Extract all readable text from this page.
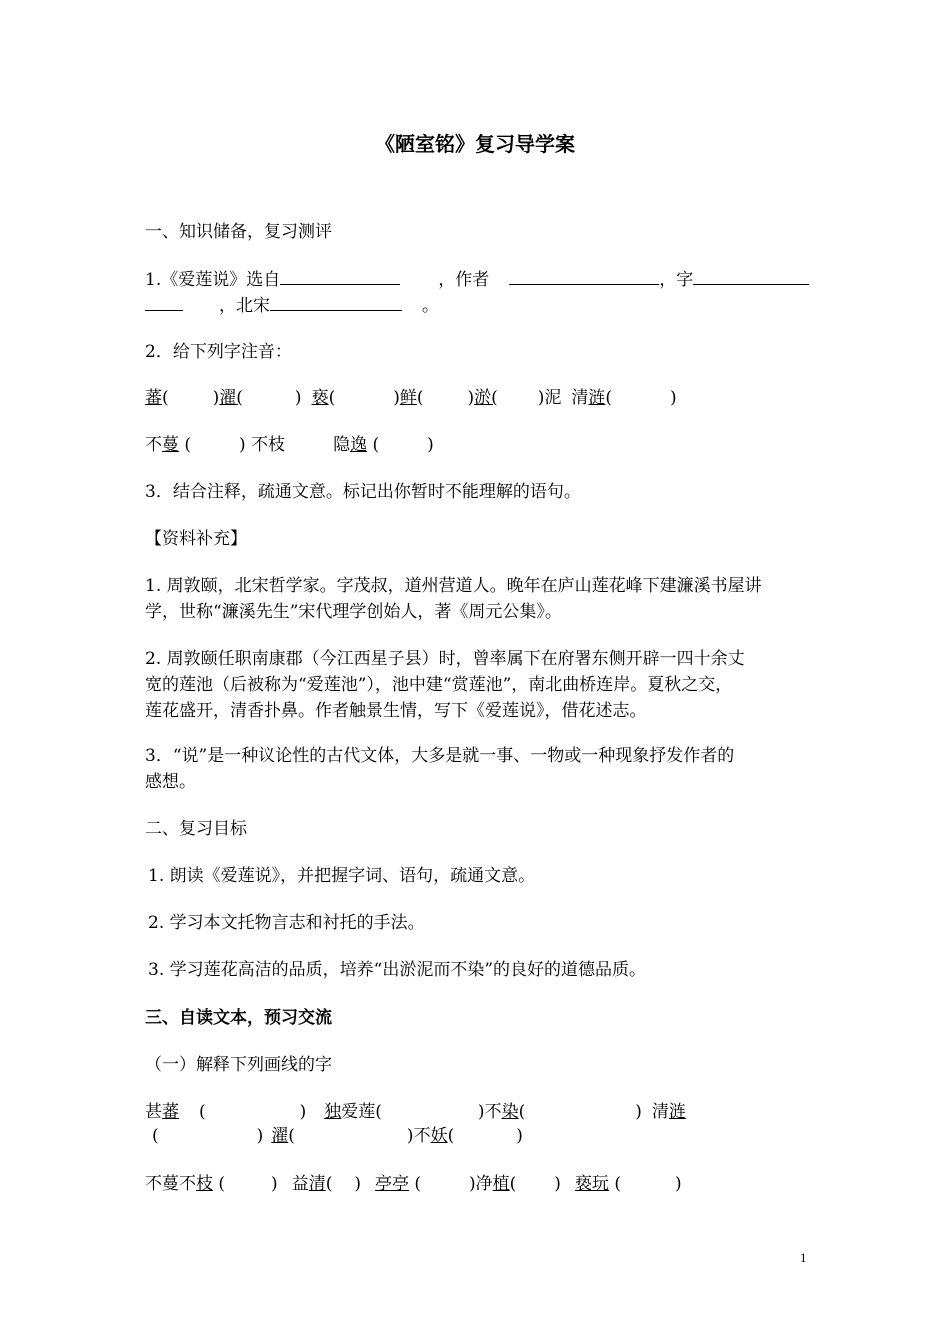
《陋室铭》复习导学案
一、知识储备，复习测评
1.《爱莲说》选自	，作者	，字
，北宋	。
2．给下列字注音：
蕃(	)濯(	) 亵(	)鲜(	)淤( )泥 清涟(	)
不蔓 (	) 不枝	隐逸 (	)
3．结合注释，疏通文意。标记出你暂时不能理解的语句。
【资料补充】
1. 周敦颐，北宋哲学家。字茂叔，道州营道人。晚年在庐山莲花峰下建濂溪书屋讲
学，世称“濂溪先生”宋代理学创始人，著《周元公集》。
2. 周敦颐任职南康郡（今江西星子县）时，曾率属下在府署东侧开辟一四十余丈
宽的莲池（后被称为“爱莲池”），池中建“赏莲池”，南北曲桥连岸。夏秋之交，
莲花盛开，清香扑鼻。作者触景生情，写下《爱莲说》，借花述志。
3．“说”是一种议论性的古代文体，大多是就一事、一物或一种现象抒发作者的
感想。
二、复习目标
1. 朗读《爱莲说》，并把握字词、语句，疏通文意。
2. 学习本文托物言志和衬托的手法。
3. 学习莲花高洁的品质，培养“出淤泥而不染”的良好的道德品质。
三、自读文本，预习交流
（一）解释下列画线的字
甚蕃 (	) 独爱莲(	)不染(	) 清涟
(	) 濯(	)不妖(	)
不蔓不枝 (	) 益清( ) 亭亭 (	)净植( ) 亵玩 (	)
1
